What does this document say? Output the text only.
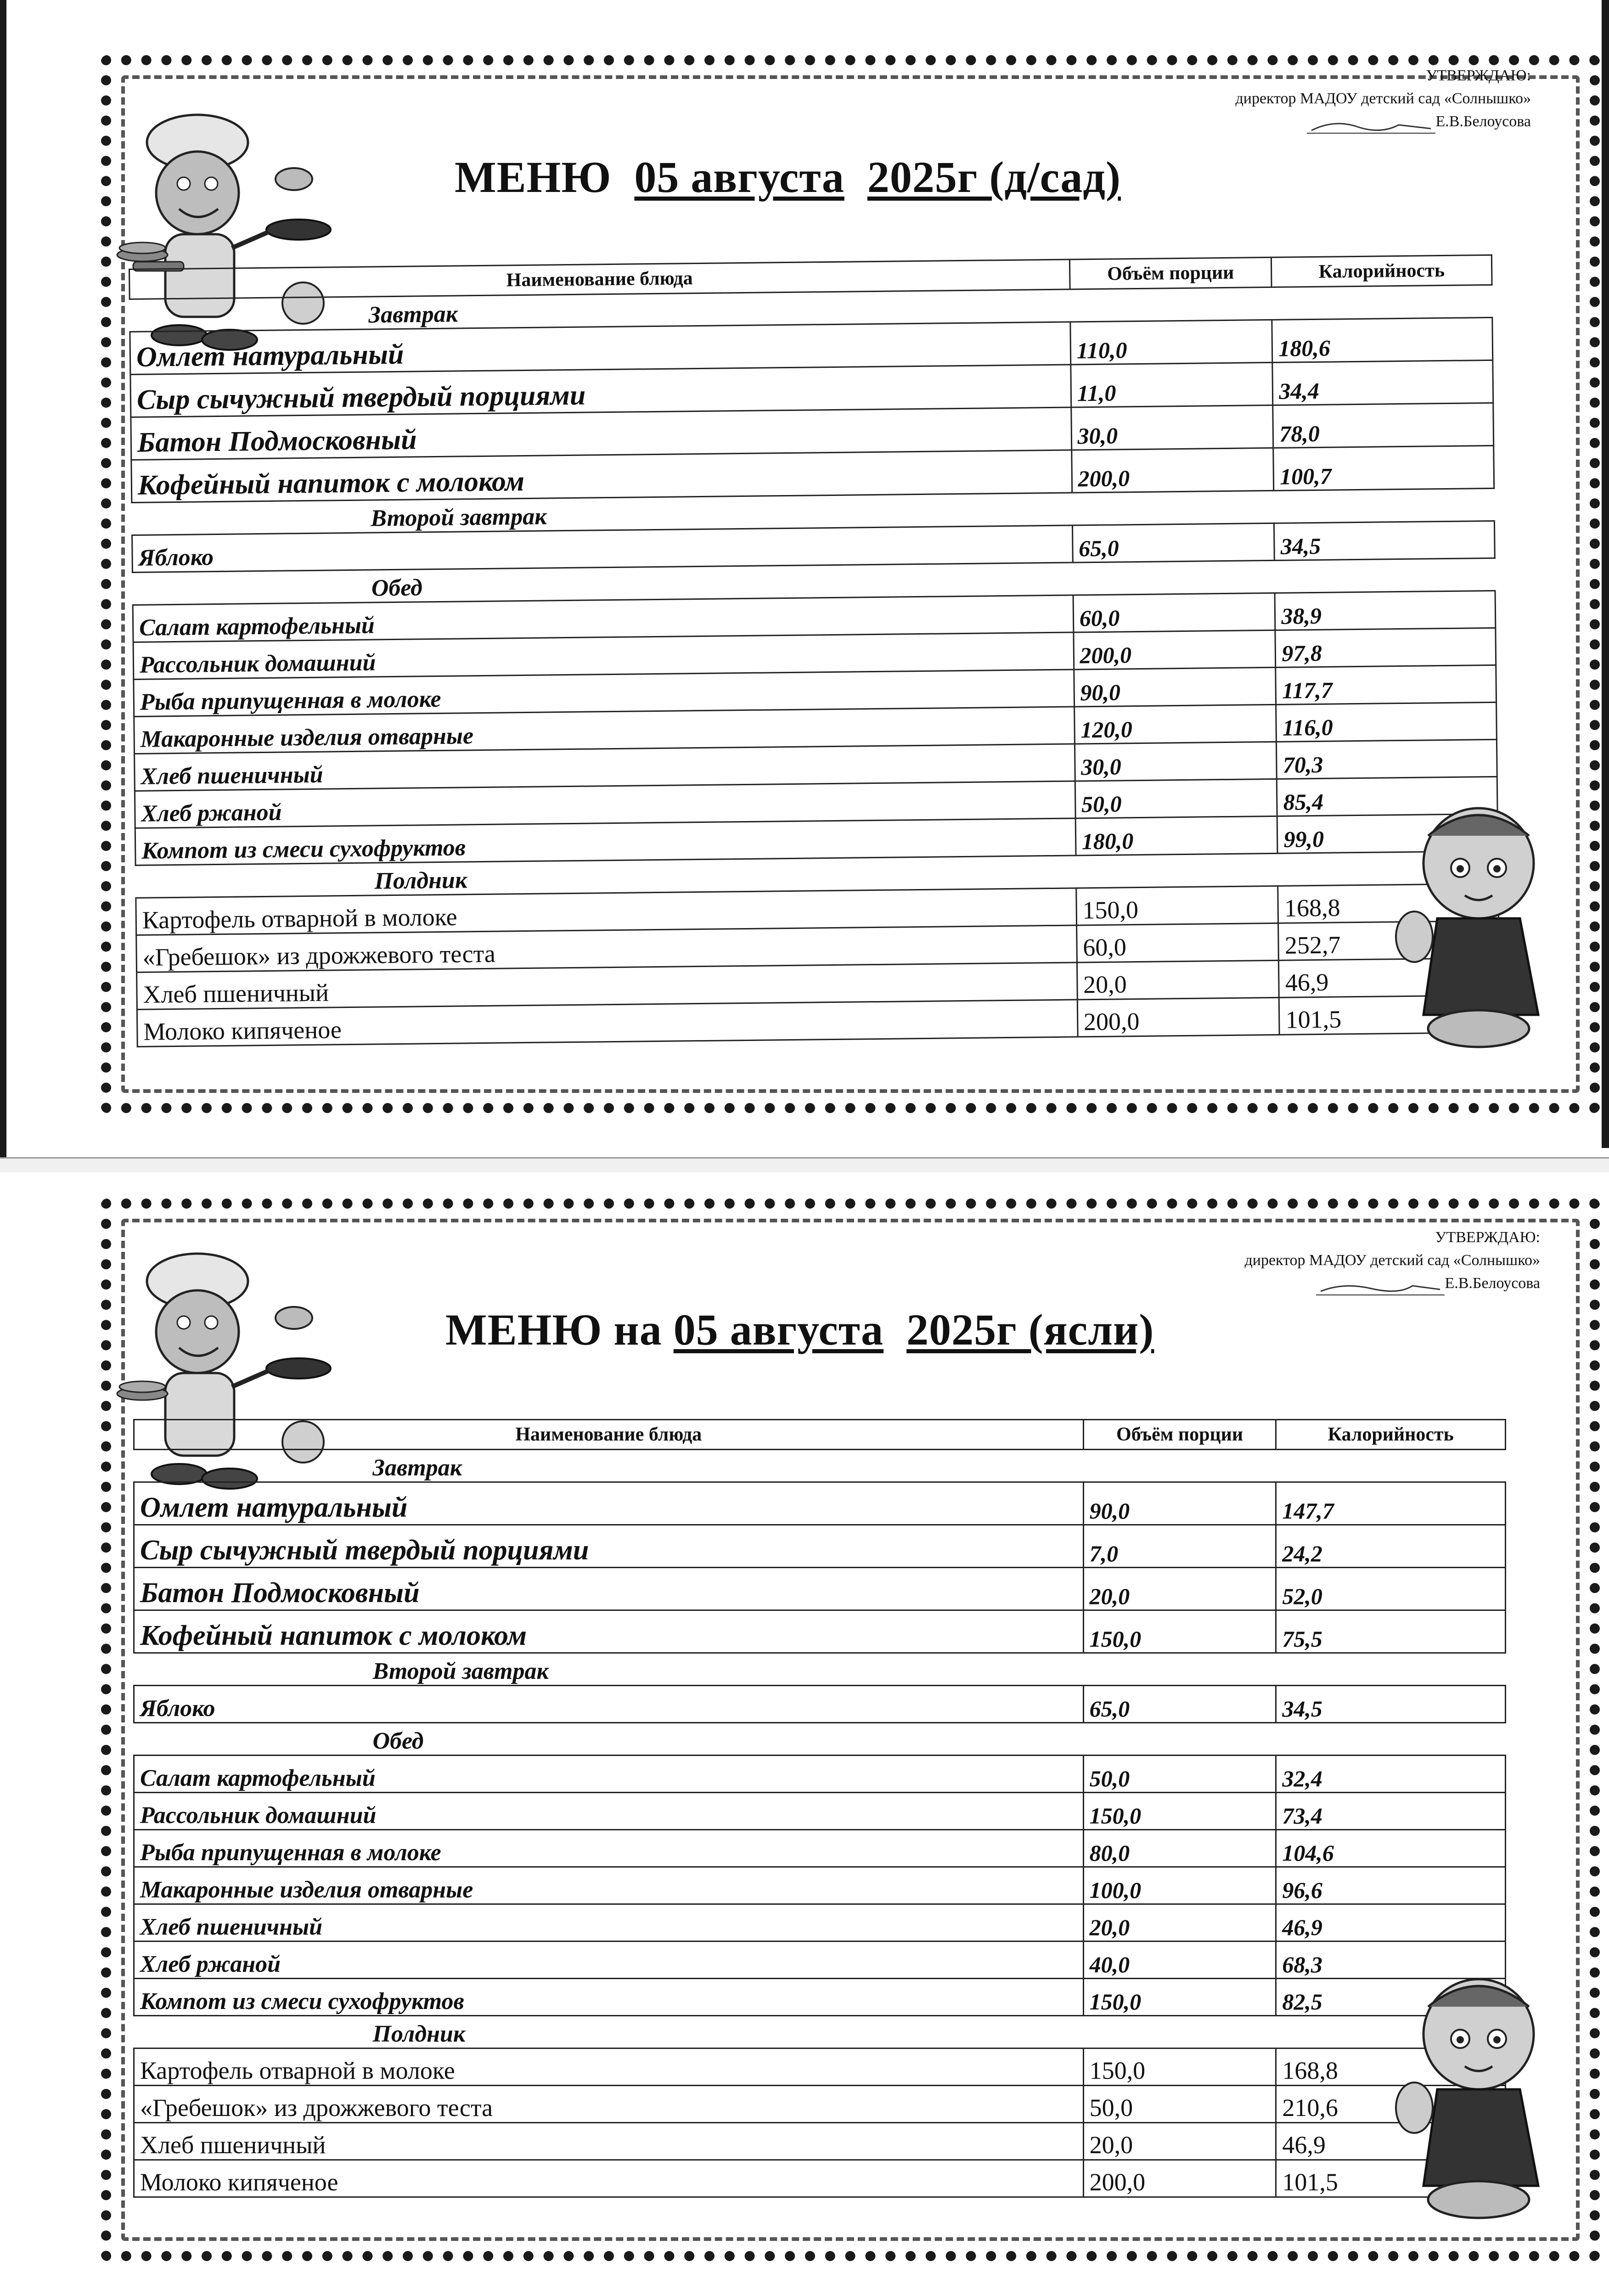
УТВЕРЖДАЮ:
директор МАДОУ детский сад «Солнышко»
Е.В.Белоусова
МЕНЮ 05 августа 2025г (д/сад)
Наименование блюда	Объём порции	Калорийность
Завтрак		
Омлет натуральный	110,0	180,6
Сыр сычужный твердый порциями	11,0	34,4
Батон Подмосковный	30,0	78,0
Кофейный напиток с молоком	200,0	100,7
Второй завтрак		
Яблоко	65,0	34,5
Обед		
Салат картофельный	60,0	38,9
Рассольник домашний	200,0	97,8
Рыба припущенная в молоке	90,0	117,7
Макаронные изделия отварные	120,0	116,0
Хлеб пшеничный	30,0	70,3
Хлеб ржаной	50,0	85,4
Компот из смеси сухофруктов	180,0	99,0
Полдник		
Картофель отварной в молоке	150,0	168,8
«Гребешок» из дрожжевого теста	60,0	252,7
Хлеб пшеничный	20,0	46,9
Молоко кипяченое	200,0	101,5
УТВЕРЖДАЮ:
директор МАДОУ детский сад «Солнышко»
Е.В.Белоусова
МЕНЮ на 05 августа 2025г (ясли)
Наименование блюда	Объём порции	Калорийность
Завтрак		
Омлет натуральный	90,0	147,7
Сыр сычужный твердый порциями	7,0	24,2
Батон Подмосковный	20,0	52,0
Кофейный напиток с молоком	150,0	75,5
Второй завтрак		
Яблоко	65,0	34,5
Обед		
Салат картофельный	50,0	32,4
Рассольник домашний	150,0	73,4
Рыба припущенная в молоке	80,0	104,6
Макаронные изделия отварные	100,0	96,6
Хлеб пшеничный	20,0	46,9
Хлеб ржаной	40,0	68,3
Компот из смеси сухофруктов	150,0	82,5
Полдник		
Картофель отварной в молоке	150,0	168,8
«Гребешок» из дрожжевого теста	50,0	210,6
Хлеб пшеничный	20,0	46,9
Молоко кипяченое	200,0	101,5
